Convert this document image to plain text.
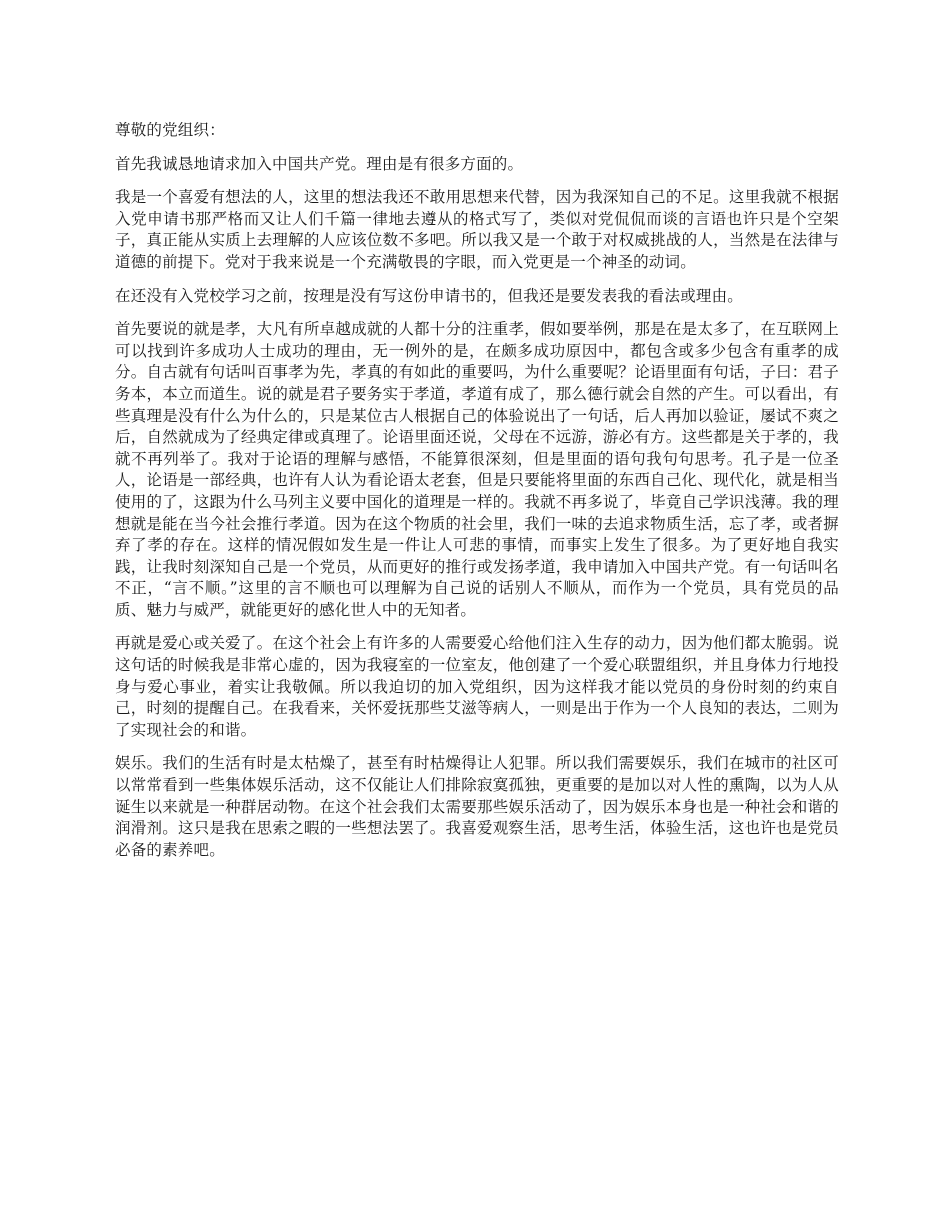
尊敬的党组织：

首先我诚恳地请求加入中国共产党。理由是有很多方面的。

我是一个喜爱有想法的人，这里的想法我还不敢用思想来代替，因为我深知自己的不足。这里我就不根据入党申请书那严格而又让人们千篇一律地去遵从的格式写了，类似对党侃侃而谈的言语也许只是个空架子，真正能从实质上去理解的人应该位数不多吧。所以我又是一个敢于对权威挑战的人，当然是在法律与道德的前提下。党对于我来说是一个充满敬畏的字眼，而入党更是一个神圣的动词。

在还没有入党校学习之前，按理是没有写这份申请书的，但我还是要发表我的看法或理由。

首先要说的就是孝，大凡有所卓越成就的人都十分的注重孝，假如要举例，那是在是太多了，在互联网上可以找到许多成功人士成功的理由，无一例外的是，在颇多成功原因中，都包含或多少包含有重孝的成分。自古就有句话叫百事孝为先，孝真的有如此的重要吗，为什么重要呢？论语里面有句话，子曰：君子务本，本立而道生。说的就是君子要务实于孝道，孝道有成了，那么德行就会自然的产生。可以看出，有些真理是没有什么为什么的，只是某位古人根据自己的体验说出了一句话，后人再加以验证，屡试不爽之后，自然就成为了经典定律或真理了。论语里面还说，父母在不远游，游必有方。这些都是关于孝的，我就不再列举了。我对于论语的理解与感悟，不能算很深刻，但是里面的语句我句句思考。孔子是一位圣人，论语是一部经典，也许有人认为看论语太老套，但是只要能将里面的东西自己化、现代化，就是相当使用的了，这跟为什么马列主义要中国化的道理是一样的。我就不再多说了，毕竟自己学识浅薄。我的理想就是能在当今社会推行孝道。因为在这个物质的社会里，我们一味的去追求物质生活，忘了孝，或者摒弃了孝的存在。这样的情况假如发生是一件让人可悲的事情，而事实上发生了很多。为了更好地自我实践，让我时刻深知自己是一个党员，从而更好的推行或发扬孝道，我申请加入中国共产党。有一句话叫名不正，“言不顺。”这里的言不顺也可以理解为自己说的话别人不顺从，而作为一个党员，具有党员的品质、魅力与威严，就能更好的感化世人中的无知者。

再就是爱心或关爱了。在这个社会上有许多的人需要爱心给他们注入生存的动力，因为他们都太脆弱。说这句话的时候我是非常心虚的，因为我寝室的一位室友，他创建了一个爱心联盟组织，并且身体力行地投身与爱心事业，着实让我敬佩。所以我迫切的加入党组织，因为这样我才能以党员的身份时刻的约束自己，时刻的提醒自己。在我看来，关怀爱抚那些艾滋等病人，一则是出于作为一个人良知的表达，二则为了实现社会的和谐。

娱乐。我们的生活有时是太枯燥了，甚至有时枯燥得让人犯罪。所以我们需要娱乐，我们在城市的社区可以常常看到一些集体娱乐活动，这不仅能让人们排除寂寞孤独，更重要的是加以对人性的熏陶，以为人从诞生以来就是一种群居动物。在这个社会我们太需要那些娱乐活动了，因为娱乐本身也是一种社会和谐的润滑剂。这只是我在思索之暇的一些想法罢了。我喜爱观察生活，思考生活，体验生活，这也许也是党员必备的素养吧。
